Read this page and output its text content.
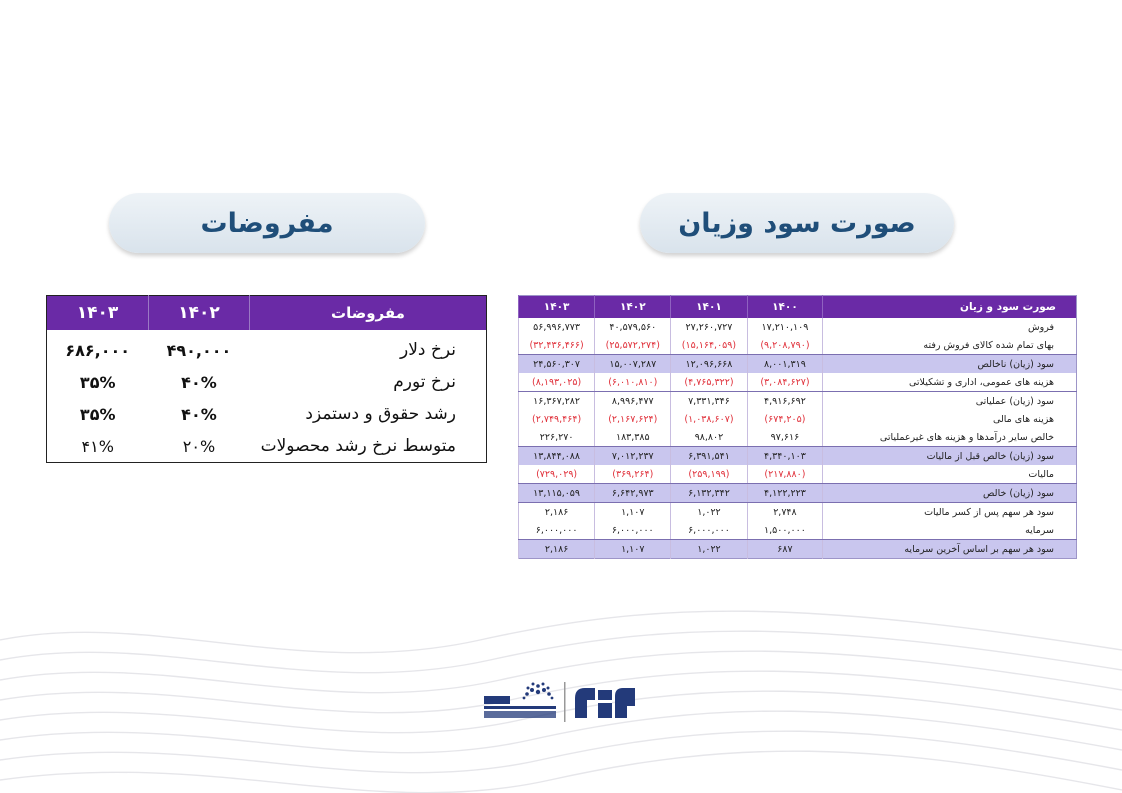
مفروضات	صورت سود وزیان
مفروضات	۱۴۰۲	۱۴۰۳
نرخ دلار	۴۹۰,۰۰۰	۶۸۶,۰۰۰
نرخ تورم	۴۰%	۳۵%
رشد حقوق و دستمزد	۴۰%	۳۵%
متوسط نرخ رشد محصولات	۲۰%	۴۱%
صورت سود و زیان	۱۴۰۰	۱۴۰۱	۱۴۰۲	۱۴۰۳
فروش	۱۷,۲۱۰,۱۰۹	۲۷,۲۶۰,۷۲۷	۴۰,۵۷۹,۵۶۰	۵۶,۹۹۶,۷۷۳
بهای تمام شده کالای فروش رفته	(۹,۲۰۸,۷۹۰)	(۱۵,۱۶۴,۰۵۹)	(۲۵,۵۷۲,۲۷۴)	(۳۲,۴۳۶,۴۶۶)
سود (زیان) ناخالص	۸,۰۰۱,۳۱۹	۱۲,۰۹۶,۶۶۸	۱۵,۰۰۷,۲۸۷	۲۴,۵۶۰,۳۰۷
هزینه های عمومی، اداری و تشکیلاتی	(۳,۰۸۴,۶۲۷)	(۴,۷۶۵,۳۲۲)	(۶,۰۱۰,۸۱۰)	(۸,۱۹۳,۰۲۵)
سود (زیان) عملیاتی	۴,۹۱۶,۶۹۲	۷,۳۳۱,۳۴۶	۸,۹۹۶,۴۷۷	۱۶,۳۶۷,۲۸۲
هزینه های مالی	(۶۷۴,۲۰۵)	(۱,۰۳۸,۶۰۷)	(۲,۱۶۷,۶۲۴)	(۲,۷۴۹,۴۶۴)
خالص سایر درآمدها و هزینه های غیرعملیاتی	۹۷,۶۱۶	۹۸,۸۰۲	۱۸۳,۳۸۵	۲۲۶,۲۷۰
سود (زیان) خالص قبل از مالیات	۴,۳۴۰,۱۰۳	۶,۳۹۱,۵۴۱	۷,۰۱۲,۲۳۷	۱۳,۸۴۴,۰۸۸
مالیات	(۲۱۷,۸۸۰)	(۲۵۹,۱۹۹)	(۳۶۹,۲۶۴)	(۷۲۹,۰۲۹)
سود (زیان) خالص	۴,۱۲۲,۲۲۳	۶,۱۳۲,۳۴۲	۶,۶۴۲,۹۷۳	۱۳,۱۱۵,۰۵۹
سود هر سهم پس از کسر مالیات	۲,۷۴۸	۱,۰۲۲	۱,۱۰۷	۲,۱۸۶
سرمایه	۱,۵۰۰,۰۰۰	۶,۰۰۰,۰۰۰	۶,۰۰۰,۰۰۰	۶,۰۰۰,۰۰۰
سود هر سهم بر اساس آخرین سرمایه	۶۸۷	۱,۰۲۲	۱,۱۰۷	۲,۱۸۶
